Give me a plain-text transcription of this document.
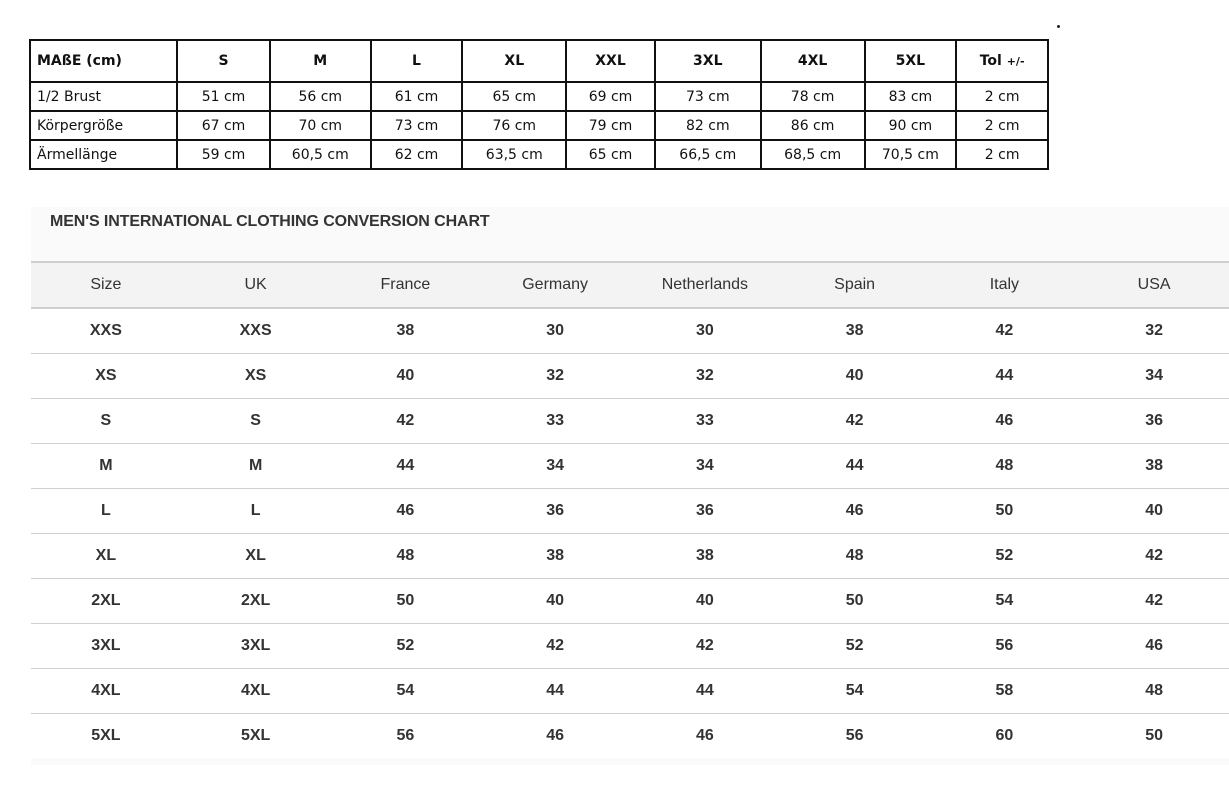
MAßE (cm)	S	M	L	XL	XXL	3XL	4XL	5XL	Tol +/-
1/2 Brust	51 cm	56 cm	61 cm	65 cm	69 cm	73 cm	78 cm	83 cm	2 cm
Körpergröße	67 cm	70 cm	73 cm	76 cm	79 cm	82 cm	86 cm	90 cm	2 cm
Ärmellänge	59 cm	60,5 cm	62 cm	63,5 cm	65 cm	66,5 cm	68,5 cm	70,5 cm	2 cm
MEN'S INTERNATIONAL CLOTHING CONVERSION CHART
Size	UK	France	Germany	Netherlands	Spain	Italy	USA
XXS	XXS	38	30	30	38	42	32
XS	XS	40	32	32	40	44	34
S	S	42	33	33	42	46	36
M	M	44	34	34	44	48	38
L	L	46	36	36	46	50	40
XL	XL	48	38	38	48	52	42
2XL	2XL	50	40	40	50	54	42
3XL	3XL	52	42	42	52	56	46
4XL	4XL	54	44	44	54	58	48
5XL	5XL	56	46	46	56	60	50
